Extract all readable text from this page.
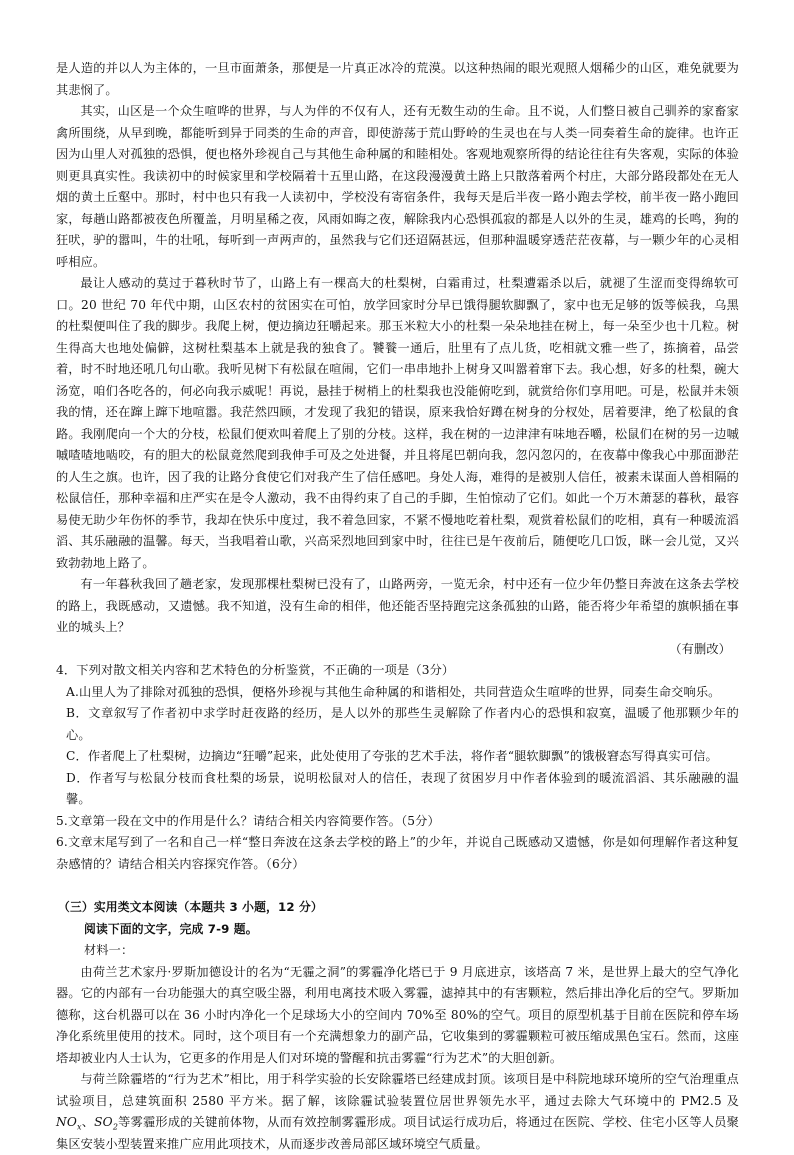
是人造的并以人为主体的，一旦市面萧条，那便是一片真正冰冷的荒漠。以这种热闹的眼光观照人烟稀少的山区，难免就要为其悲悯了。

其实，山区是一个众生喧哗的世界，与人为伴的不仅有人，还有无数生动的生命。且不说，人们整日被自己驯养的家畜家禽所围绕，从早到晚，都能听到异于同类的生命的声音，即使游荡于荒山野岭的生灵也在与人类一同奏着生命的旋律。也许正因为山里人对孤独的恐惧，便也格外珍视自己与其他生命种属的和睦相处。客观地观察所得的结论往往有失客观，实际的体验则更具真实性。我读初中的时候家里和学校隔着十五里山路，在这段漫漫黄土路上只散落着两个村庄，大部分路段都处在无人烟的黄土丘壑中。那时，村中也只有我一人读初中，学校没有寄宿条件，我每天是后半夜一路小跑去学校，前半夜一路小跑回家，每趟山路都被夜色所覆盖，月明星稀之夜，风雨如晦之夜，解除我内心恐惧孤寂的都是人以外的生灵，雄鸡的长鸣，狗的狂吠，驴的嚣叫，牛的壮吼，每听到一声两声的，虽然我与它们还迢隔甚远，但那种温暖穿透茫茫夜幕，与一颗少年的心灵相呼相应。

最让人感动的莫过于暮秋时节了，山路上有一棵高大的杜梨树，白霜甫过，杜梨遭霜杀以后，就褪了生涩而变得绵软可口。20 世纪 70 年代中期，山区农村的贫困实在可怕，放学回家时分早已饿得腿软脚飘了，家中也无足够的饭等候我，乌黑的杜梨便叫住了我的脚步。我爬上树，便边摘边狂嚼起来。那玉米粒大小的杜梨一朵朵地挂在树上，每一朵至少也十几粒。树生得高大也地处偏僻，这树杜梨基本上就是我的独食了。饕餮一通后，肚里有了点儿货，吃相就文雅一些了，拣摘着，品尝着，时不时地还吼几句山歌。我听见树下有松鼠在喧闹，它们一串串地扑上树身又叫嚣着窜下去。我心想，好多的杜梨，碗大汤宽，咱们各吃各的，何必向我示威呢！再说，悬挂于树梢上的杜梨我也没能俯吃到，就赏给你们享用吧。可是，松鼠并未领我的情，还在蹿上蹿下地喧嚣。我茫然四顾，才发现了我犯的错误，原来我恰好蹲在树身的分杈处，居着要津，绝了松鼠的食路。我刚爬向一个大的分枝，松鼠们便欢叫着爬上了别的分枝。这样，我在树的一边津津有味地吞嚼，松鼠们在树的另一边嘁嘁喳喳地啮咬，有的胆大的松鼠竟然爬到我伸手可及之处进餐，并且将尾巴朝向我，忽闪忽闪的，在夜幕中像我心中那面渺茫的人生之旗。也许，因了我的让路分食使它们对我产生了信任感吧。身处人海，难得的是被别人信任，被素未谋面人兽相隔的松鼠信任，那种幸福和庄严实在是令人激动，我不由得约束了自己的手脚，生怕惊动了它们。如此一个万木萧瑟的暮秋，最容易使无助少年伤怀的季节，我却在快乐中度过，我不着急回家，不紧不慢地吃着杜梨，观赏着松鼠们的吃相，真有一种暖流滔滔、其乐融融的温馨。每天，当我唱着山歌，兴高采烈地回到家中时，往往已是午夜前后，随便吃几口饭，眯一会儿觉，又兴致勃勃地上路了。

有一年暮秋我回了趟老家，发现那棵杜梨树已没有了，山路两旁，一览无余，村中还有一位少年仍整日奔波在这条去学校的路上，我既感动，又遗憾。我不知道，没有生命的相伴，他还能否坚持跑完这条孤独的山路，能否将少年希望的旗帜插在事业的城头上？

（有删改）

4．下列对散文相关内容和艺术特色的分析鉴赏，不正确的一项是（3分）

A.山里人为了排除对孤独的恐惧，便格外珍视与其他生命种属的和谐相处，共同营造众生喧哗的世界，同奏生命交响乐。

B．文章叙写了作者初中求学时赶夜路的经历，是人以外的那些生灵解除了作者内心的恐惧和寂寞，温暖了他那颗少年的心。

C．作者爬上了杜梨树，边摘边“狂嚼”起来，此处使用了夸张的艺术手法，将作者“腿软脚飘”的饿极窘态写得真实可信。

D．作者写与松鼠分枝而食杜梨的场景，说明松鼠对人的信任，表现了贫困岁月中作者体验到的暖流滔滔、其乐融融的温馨。

5.文章第一段在文中的作用是什么？请结合相关内容简要作答。（5分）

6.文章末尾写到了一名和自己一样“整日奔波在这条去学校的路上”的少年，并说自己既感动又遗憾，你是如何理解作者这种复杂感情的？请结合相关内容探究作答。（6分）

（三）实用类文本阅读（本题共 3 小题，12 分）

阅读下面的文字，完成 7-9 题。

材料一：

由荷兰艺术家丹·罗斯加德设计的名为“无霾之洞”的雾霾净化塔已于 9 月底进京，该塔高 7 米，是世界上最大的空气净化器。它的内部有一台功能强大的真空吸尘器，利用电离技术吸入雾霾，滤掉其中的有害颗粒，然后排出净化后的空气。罗斯加德称，这台机器可以在 36 小时内净化一个足球场大小的空间内 70%至 80%的空气。项目的原型机基于目前在医院和停车场净化系统里使用的技术。同时，这个项目有一个充满想象力的副产品，它收集到的雾霾颗粒可被压缩成黑色宝石。然而，这座塔却被业内人士认为，它更多的作用是人们对环境的警醒和抗击雾霾“行为艺术”的大胆创新。

与荷兰除霾塔的“行为艺术”相比，用于科学实验的长安除霾塔已经建成封顶。该项目是中科院地球环境所的空气治理重点试验项目，总建筑面积 2580 平方米。据了解，该除霾试验装置位居世界领先水平，通过去除大气环境中的 PM2.5 及 $NO_x$、$SO_2$等雾霾形成的关键前体物，从而有效控制雾霾形成。项目试运行成功后，将通过在医院、学校、住宅小区等人员聚集区安装小型装置来推广应用此项技术，从而逐步改善局部区域环境空气质量。
